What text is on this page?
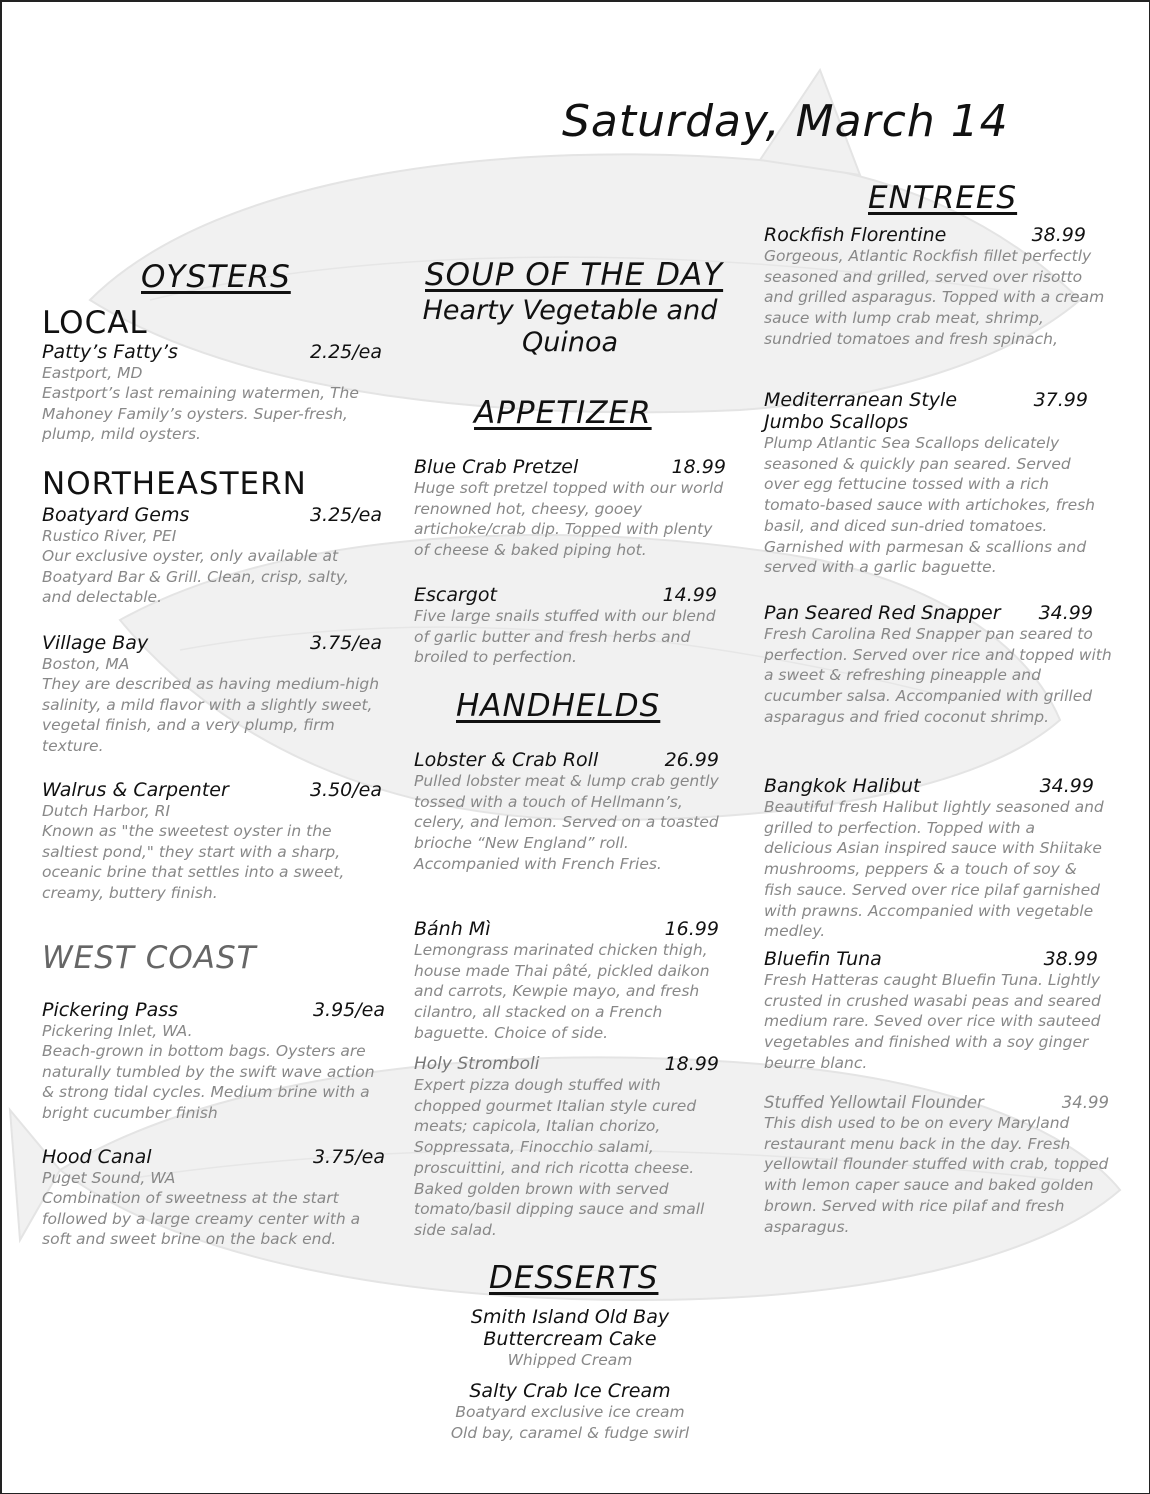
Saturday, March 14
OYSTERS
LOCAL
Patty’s Fatty’s	2.25/ea
Eastport, MD
Eastport’s last remaining watermen, The Mahoney Family’s oysters. Super-fresh, plump, mild oysters.
NORTHEASTERN
Boatyard Gems	3.25/ea
Rustico River, PEI
Our exclusive oyster, only available at Boatyard Bar & Grill. Clean, crisp, salty, and delectable.
Village Bay	3.75/ea
Boston, MA
They are described as having medium-high salinity, a mild flavor with a slightly sweet, vegetal finish, and a very plump, firm texture.
Walrus & Carpenter	3.50/ea
Dutch Harbor, RI
Known as "the sweetest oyster in the saltiest pond," they start with a sharp, oceanic brine that settles into a sweet, creamy, buttery finish.
WEST COAST
Pickering Pass	3.95/ea
Pickering Inlet, WA.
Beach-grown in bottom bags. Oysters are naturally tumbled by the swift wave action & strong tidal cycles. Medium brine with a bright cucumber finish
Hood Canal	3.75/ea
Puget Sound, WA
Combination of sweetness at the start followed by a large creamy center with a soft and sweet brine on the back end.
SOUP OF THE DAY
Hearty Vegetable and
Quinoa
APPETIZER
Blue Crab Pretzel	18.99
Huge soft pretzel topped with our world renowned hot, cheesy, gooey artichoke/crab dip. Topped with plenty of cheese & baked piping hot.
Escargot	14.99
Five large snails stuffed with our blend of garlic butter and fresh herbs and broiled to perfection.
HANDHELDS
Lobster & Crab Roll	26.99
Pulled lobster meat & lump crab gently tossed with a touch of Hellmann’s, celery, and lemon. Served on a toasted brioche “New England” roll. Accompanied with French Fries.
Bánh Mì	16.99
Lemongrass marinated chicken thigh, house made Thai pâté, pickled daikon and carrots, Kewpie mayo, and fresh cilantro, all stacked on a French baguette. Choice of side.
Holy Stromboli	18.99
Expert pizza dough stuffed with chopped gourmet Italian style cured meats; capicola, Italian chorizo, Soppressata, Finocchio salami, proscuittini, and rich ricotta cheese. Baked golden brown with served tomato/basil dipping sauce and small side salad.
DESSERTS
Smith Island Old Bay
Buttercream Cake
Whipped Cream
Salty Crab Ice Cream
Boatyard exclusive ice cream
Old bay, caramel & fudge swirl
ENTREES
Rockfish Florentine	38.99
Gorgeous, Atlantic Rockfish fillet perfectly seasoned and grilled, served over risotto and grilled asparagus. Topped with a cream sauce with lump crab meat, shrimp, sundried tomatoes and fresh spinach,
Mediterranean Style	37.99
Jumbo Scallops
Plump Atlantic Sea Scallops delicately seasoned & quickly pan seared. Served over egg fettucine tossed with a rich tomato-based sauce with artichokes, fresh basil, and diced sun-dried tomatoes. Garnished with parmesan & scallions and served with a garlic baguette.
Pan Seared Red Snapper 34.99
Fresh Carolina Red Snapper pan seared to perfection. Served over rice and topped with a sweet & refreshing pineapple and cucumber salsa. Accompanied with grilled asparagus and fried coconut shrimp.
Bangkok Halibut	34.99
Beautiful fresh Halibut lightly seasoned and grilled to perfection. Topped with a delicious Asian inspired sauce with Shiitake mushrooms, peppers & a touch of soy & fish sauce. Served over rice pilaf garnished with prawns. Accompanied with vegetable medley.
Bluefin Tuna	38.99
Fresh Hatteras caught Bluefin Tuna. Lightly crusted in crushed wasabi peas and seared medium rare. Seved over rice with sauteed vegetables and finished with a soy ginger beurre blanc.
Stuffed Yellowtail Flounder	34.99
This dish used to be on every Maryland restaurant menu back in the day. Fresh yellowtail flounder stuffed with crab, topped with lemon caper sauce and baked golden brown. Served with rice pilaf and fresh asparagus.
